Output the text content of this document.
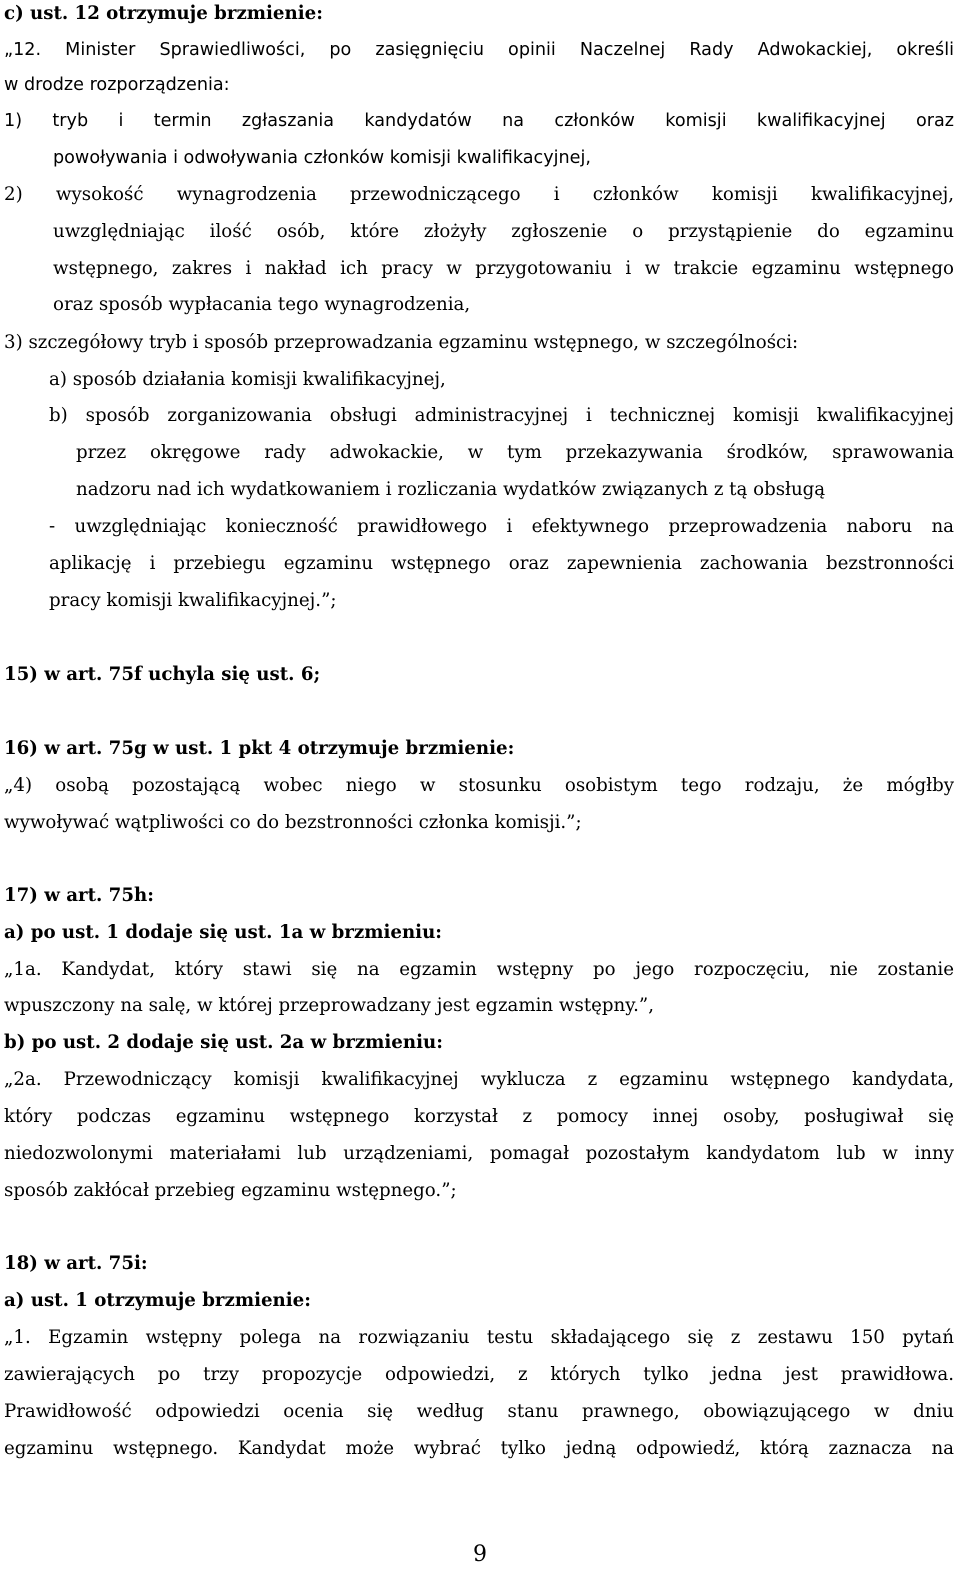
9
c) ust. 12 otrzymuje brzmienie:
„12. Minister Sprawiedliwości, po zasięgnięciu opinii Naczelnej Rady Adwokackiej, określi
w drodze rozporządzenia:
1) tryb i termin zgłaszania kandydatów na członków komisji kwalifikacyjnej oraz
powoływania i odwoływania członków komisji kwalifikacyjnej,
2) wysokość wynagrodzenia przewodniczącego i członków komisji kwalifikacyjnej,
uwzględniając ilość osób, które złożyły zgłoszenie o przystąpienie do egzaminu
wstępnego, zakres i nakład ich pracy w przygotowaniu i w trakcie egzaminu wstępnego
oraz sposób wypłacania tego wynagrodzenia,
3) szczegółowy tryb i sposób przeprowadzania egzaminu wstępnego, w szczególności:
a) sposób działania komisji kwalifikacyjnej,
b) sposób zorganizowania obsługi administracyjnej i technicznej komisji kwalifikacyjnej
przez okręgowe rady adwokackie, w tym przekazywania środków, sprawowania
nadzoru nad ich wydatkowaniem i rozliczania wydatków związanych z tą obsługą
- uwzględniając konieczność prawidłowego i efektywnego przeprowadzenia naboru na
aplikację i przebiegu egzaminu wstępnego oraz zapewnienia zachowania bezstronności
pracy komisji kwalifikacyjnej.”;
15) w art. 75f uchyla się ust. 6;
16) w art. 75g w ust. 1 pkt 4 otrzymuje brzmienie:
„4) osobą pozostającą wobec niego w stosunku osobistym tego rodzaju, że mógłby
wywoływać wątpliwości co do bezstronności członka komisji.”;
17) w art. 75h:
a) po ust. 1 dodaje się ust. 1a w brzmieniu:
„1a. Kandydat, który stawi się na egzamin wstępny po jego rozpoczęciu, nie zostanie
wpuszczony na salę, w której przeprowadzany jest egzamin wstępny.”,
b) po ust. 2 dodaje się ust. 2a w brzmieniu:
„2a. Przewodniczący komisji kwalifikacyjnej wyklucza z egzaminu wstępnego kandydata,
który podczas egzaminu wstępnego korzystał z pomocy innej osoby, posługiwał się
niedozwolonymi materiałami lub urządzeniami, pomagał pozostałym kandydatom lub w inny
sposób zakłócał przebieg egzaminu wstępnego.”;
18) w art. 75i:
a) ust. 1 otrzymuje brzmienie:
„1. Egzamin wstępny polega na rozwiązaniu testu składającego się z zestawu 150 pytań
zawierających po trzy propozycje odpowiedzi, z których tylko jedna jest prawidłowa.
Prawidłowość odpowiedzi ocenia się według stanu prawnego, obowiązującego w dniu
egzaminu wstępnego. Kandydat może wybrać tylko jedną odpowiedź, którą zaznacza na
